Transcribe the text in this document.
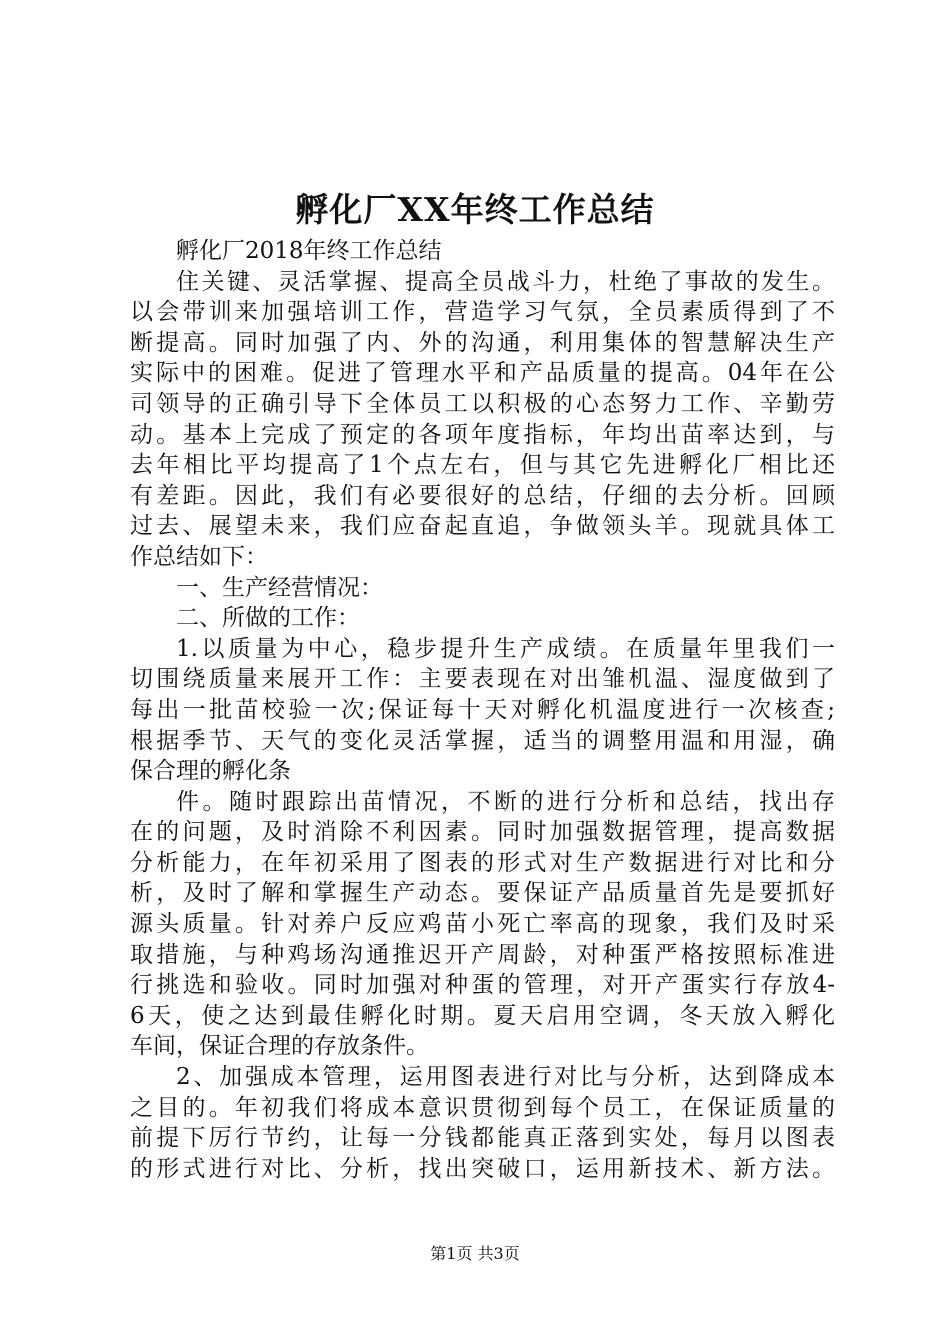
孵化厂XX年终工作总结
孵化厂2018年终工作总结
住关键、灵活掌握、提高全员战斗力，杜绝了事故的发生。
以会带训来加强培训工作，营造学习气氛，全员素质得到了不
断提高。同时加强了内、外的沟通，利用集体的智慧解决生产
实际中的困难。促进了管理水平和产品质量的提高。04年在公
司领导的正确引导下全体员工以积极的心态努力工作、辛勤劳
动。基本上完成了预定的各项年度指标，年均出苗率达到，与
去年相比平均提高了1个点左右，但与其它先进孵化厂相比还
有差距。因此，我们有必要很好的总结，仔细的去分析。回顾
过去、展望未来，我们应奋起直追，争做领头羊。现就具体工
作总结如下：
一、生产经营情况：
二、所做的工作：
1.以质量为中心，稳步提升生产成绩。在质量年里我们一
切围绕质量来展开工作：主要表现在对出雏机温、湿度做到了
每出一批苗校验一次;保证每十天对孵化机温度进行一次核查;
根据季节、天气的变化灵活掌握，适当的调整用温和用湿，确
保合理的孵化条
件。随时跟踪出苗情况，不断的进行分析和总结，找出存
在的问题，及时消除不利因素。同时加强数据管理，提高数据
分析能力，在年初采用了图表的形式对生产数据进行对比和分
析，及时了解和掌握生产动态。要保证产品质量首先是要抓好
源头质量。针对养户反应鸡苗小死亡率高的现象，我们及时采
取措施，与种鸡场沟通推迟开产周龄，对种蛋严格按照标准进
行挑选和验收。同时加强对种蛋的管理，对开产蛋实行存放4-
6天，使之达到最佳孵化时期。夏天启用空调，冬天放入孵化
车间，保证合理的存放条件。
2、加强成本管理，运用图表进行对比与分析，达到降成本
之目的。年初我们将成本意识贯彻到每个员工，在保证质量的
前提下厉行节约，让每一分钱都能真正落到实处，每月以图表
的形式进行对比、分析，找出突破口，运用新技术、新方法。
第1页 共3页
